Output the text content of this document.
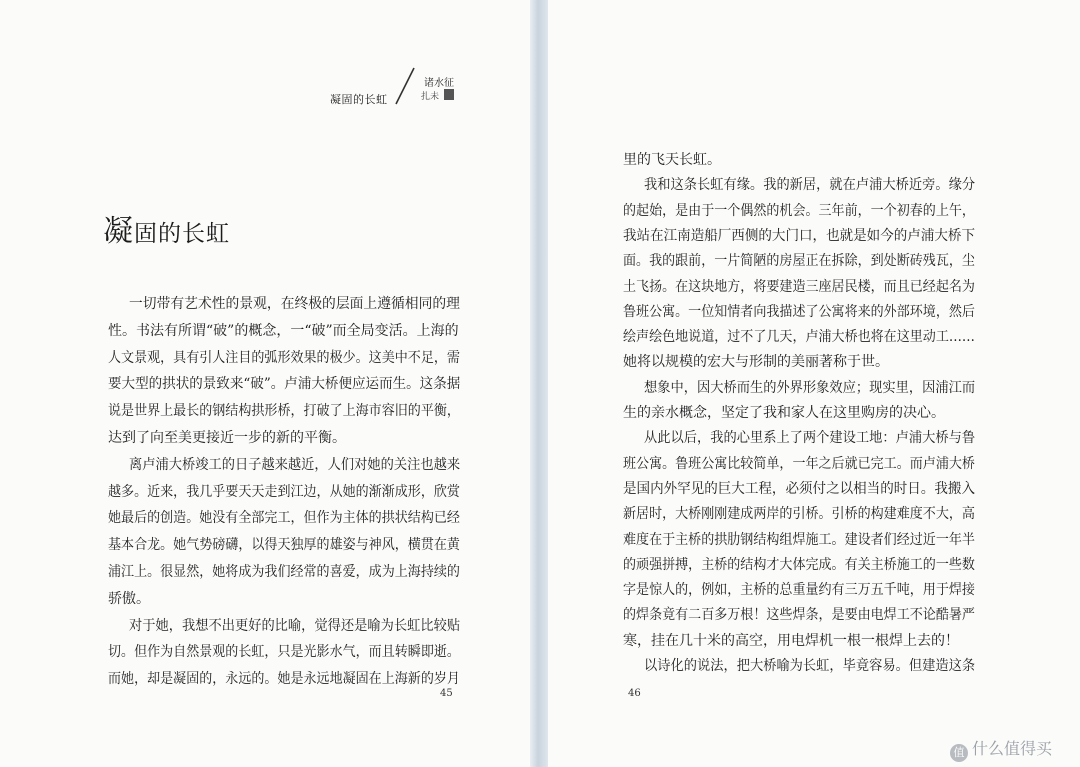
凝固的长虹
诸水征
扎未
凝固的长虹
一切带有艺术性的景观，在终极的层面上遵循相同的理
性。书法有所谓“破”的概念，一“破”而全局变活。上海的
人文景观，具有引人注目的弧形效果的极少。这美中不足，需
要大型的拱状的景致来“破”。卢浦大桥便应运而生。这条据
说是世界上最长的钢结构拱形桥，打破了上海市容旧的平衡，
达到了向至美更接近一步的新的平衡。
离卢浦大桥竣工的日子越来越近，人们对她的关注也越来
越多。近来，我几乎要天天走到江边，从她的渐渐成形，欣赏
她最后的创造。她没有全部完工，但作为主体的拱状结构已经
基本合龙。她气势磅礴，以得天独厚的雄姿与神风，横贯在黄
浦江上。很显然，她将成为我们经常的喜爱，成为上海持续的
骄傲。
对于她，我想不出更好的比喻，觉得还是喻为长虹比较贴
切。但作为自然景观的长虹，只是光影水气，而且转瞬即逝。
而她，却是凝固的，永远的。她是永远地凝固在上海新的岁月
45
里的飞天长虹。
我和这条长虹有缘。我的新居，就在卢浦大桥近旁。缘分
的起始，是由于一个偶然的机会。三年前，一个初春的上午，
我站在江南造船厂西侧的大门口，也就是如今的卢浦大桥下
面。我的跟前，一片简陋的房屋正在拆除，到处断砖残瓦，尘
土飞扬。在这块地方，将要建造三座居民楼，而且已经起名为
鲁班公寓。一位知情者向我描述了公寓将来的外部环境，然后
绘声绘色地说道，过不了几天，卢浦大桥也将在这里动工……
她将以规模的宏大与形制的美丽著称于世。
想象中，因大桥而生的外界形象效应；现实里，因浦江而
生的亲水概念，坚定了我和家人在这里购房的决心。
从此以后，我的心里系上了两个建设工地：卢浦大桥与鲁
班公寓。鲁班公寓比较简单，一年之后就已完工。而卢浦大桥
是国内外罕见的巨大工程，必须付之以相当的时日。我搬入
新居时，大桥刚刚建成两岸的引桥。引桥的构建难度不大，高
难度在于主桥的拱肋钢结构组焊施工。建设者们经过近一年半
的顽强拼搏，主桥的结构才大体完成。有关主桥施工的一些数
字是惊人的，例如，主桥的总重量约有三万五千吨，用于焊接
的焊条竟有二百多万根！这些焊条，是要由电焊工不论酷暑严
寒，挂在几十米的高空，用电焊机一根一根焊上去的！
以诗化的说法，把大桥喻为长虹，毕竟容易。但建造这条
46
值 什么值得买
